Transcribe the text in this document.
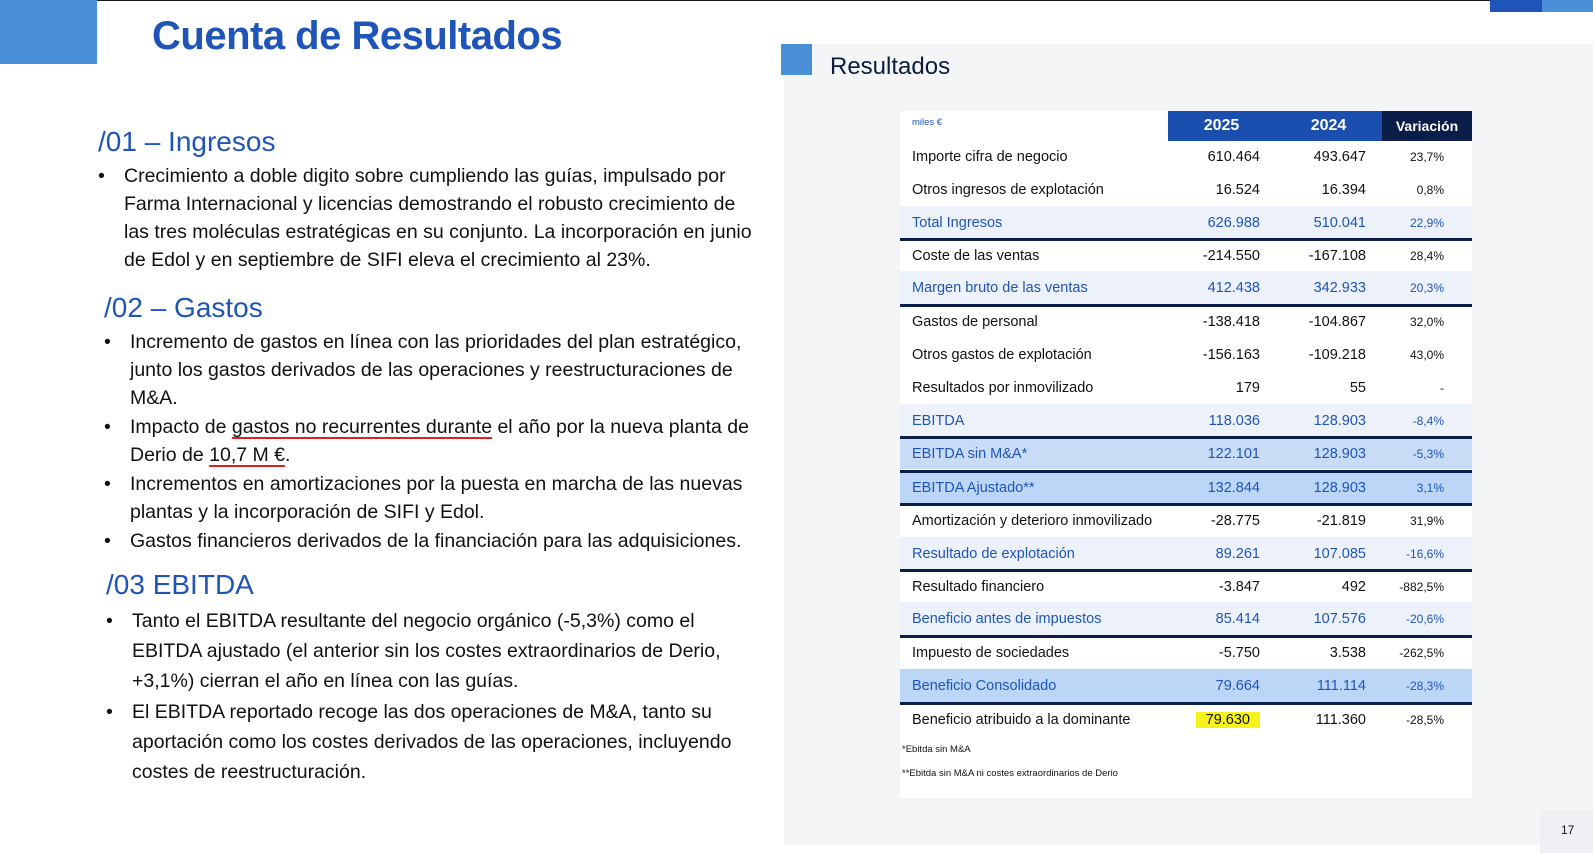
Cuenta de Resultados
/01 – Ingresos
• Crecimiento a doble digito sobre cumpliendo las guías, impulsado por Farma Internacional y licencias demostrando el robusto crecimiento de las tres moléculas estratégicas en su conjunto. La incorporación en junio de Edol y en septiembre de SIFI eleva el crecimiento al 23%.
/02 – Gastos
• Incremento de gastos en línea con las prioridades del plan estratégico, junto los gastos derivados de las operaciones y reestructuraciones de M&A.
• Impacto de gastos no recurrentes durante el año por la nueva planta de Derio de 10,7 M €.
• Incrementos en amortizaciones por la puesta en marcha de las nuevas plantas y la incorporación de SIFI y Edol.
• Gastos financieros derivados de la financiación para las adquisiciones.
/03 EBITDA
• Tanto el EBITDA resultante del negocio orgánico (-5,3%) como el EBITDA ajustado (el anterior sin los costes extraordinarios de Derio, +3,1%) cierran el año en línea con las guías.
• El EBITDA reportado recoge las dos operaciones de M&A, tanto su aportación como los costes derivados de las operaciones, incluyendo costes de reestructuración.
Resultados
miles €	2025	2024	Variación
Importe cifra de negocio	610.464	493.647	23,7%
Otros ingresos de explotación	16.524	16.394	0,8%
Total Ingresos	626.988	510.041	22,9%
Coste de las ventas	-214.550	-167.108	28,4%
Margen bruto de las ventas	412.438	342.933	20,3%
Gastos de personal	-138.418	-104.867	32,0%
Otros gastos de explotación	-156.163	-109.218	43,0%
Resultados por inmovilizado	179	55	-
EBITDA	118.036	128.903	-8,4%
EBITDA sin M&A*	122.101	128.903	-5,3%
EBITDA Ajustado**	132.844	128.903	3,1%
Amortización y deterioro inmovilizado	-28.775	-21.819	31,9%
Resultado de explotación	89.261	107.085	-16,6%
Resultado financiero	-3.847	492	-882,5%
Beneficio antes de impuestos	85.414	107.576	-20,6%
Impuesto de sociedades	-5.750	3.538	-262,5%
Beneficio Consolidado	79.664	111.114	-28,3%
Beneficio atribuido a la dominante	79.630	111.360	-28,5%
*Ebitda sin M&A
**Ebitda sin M&A ni costes extraordinarios de Derio
17
